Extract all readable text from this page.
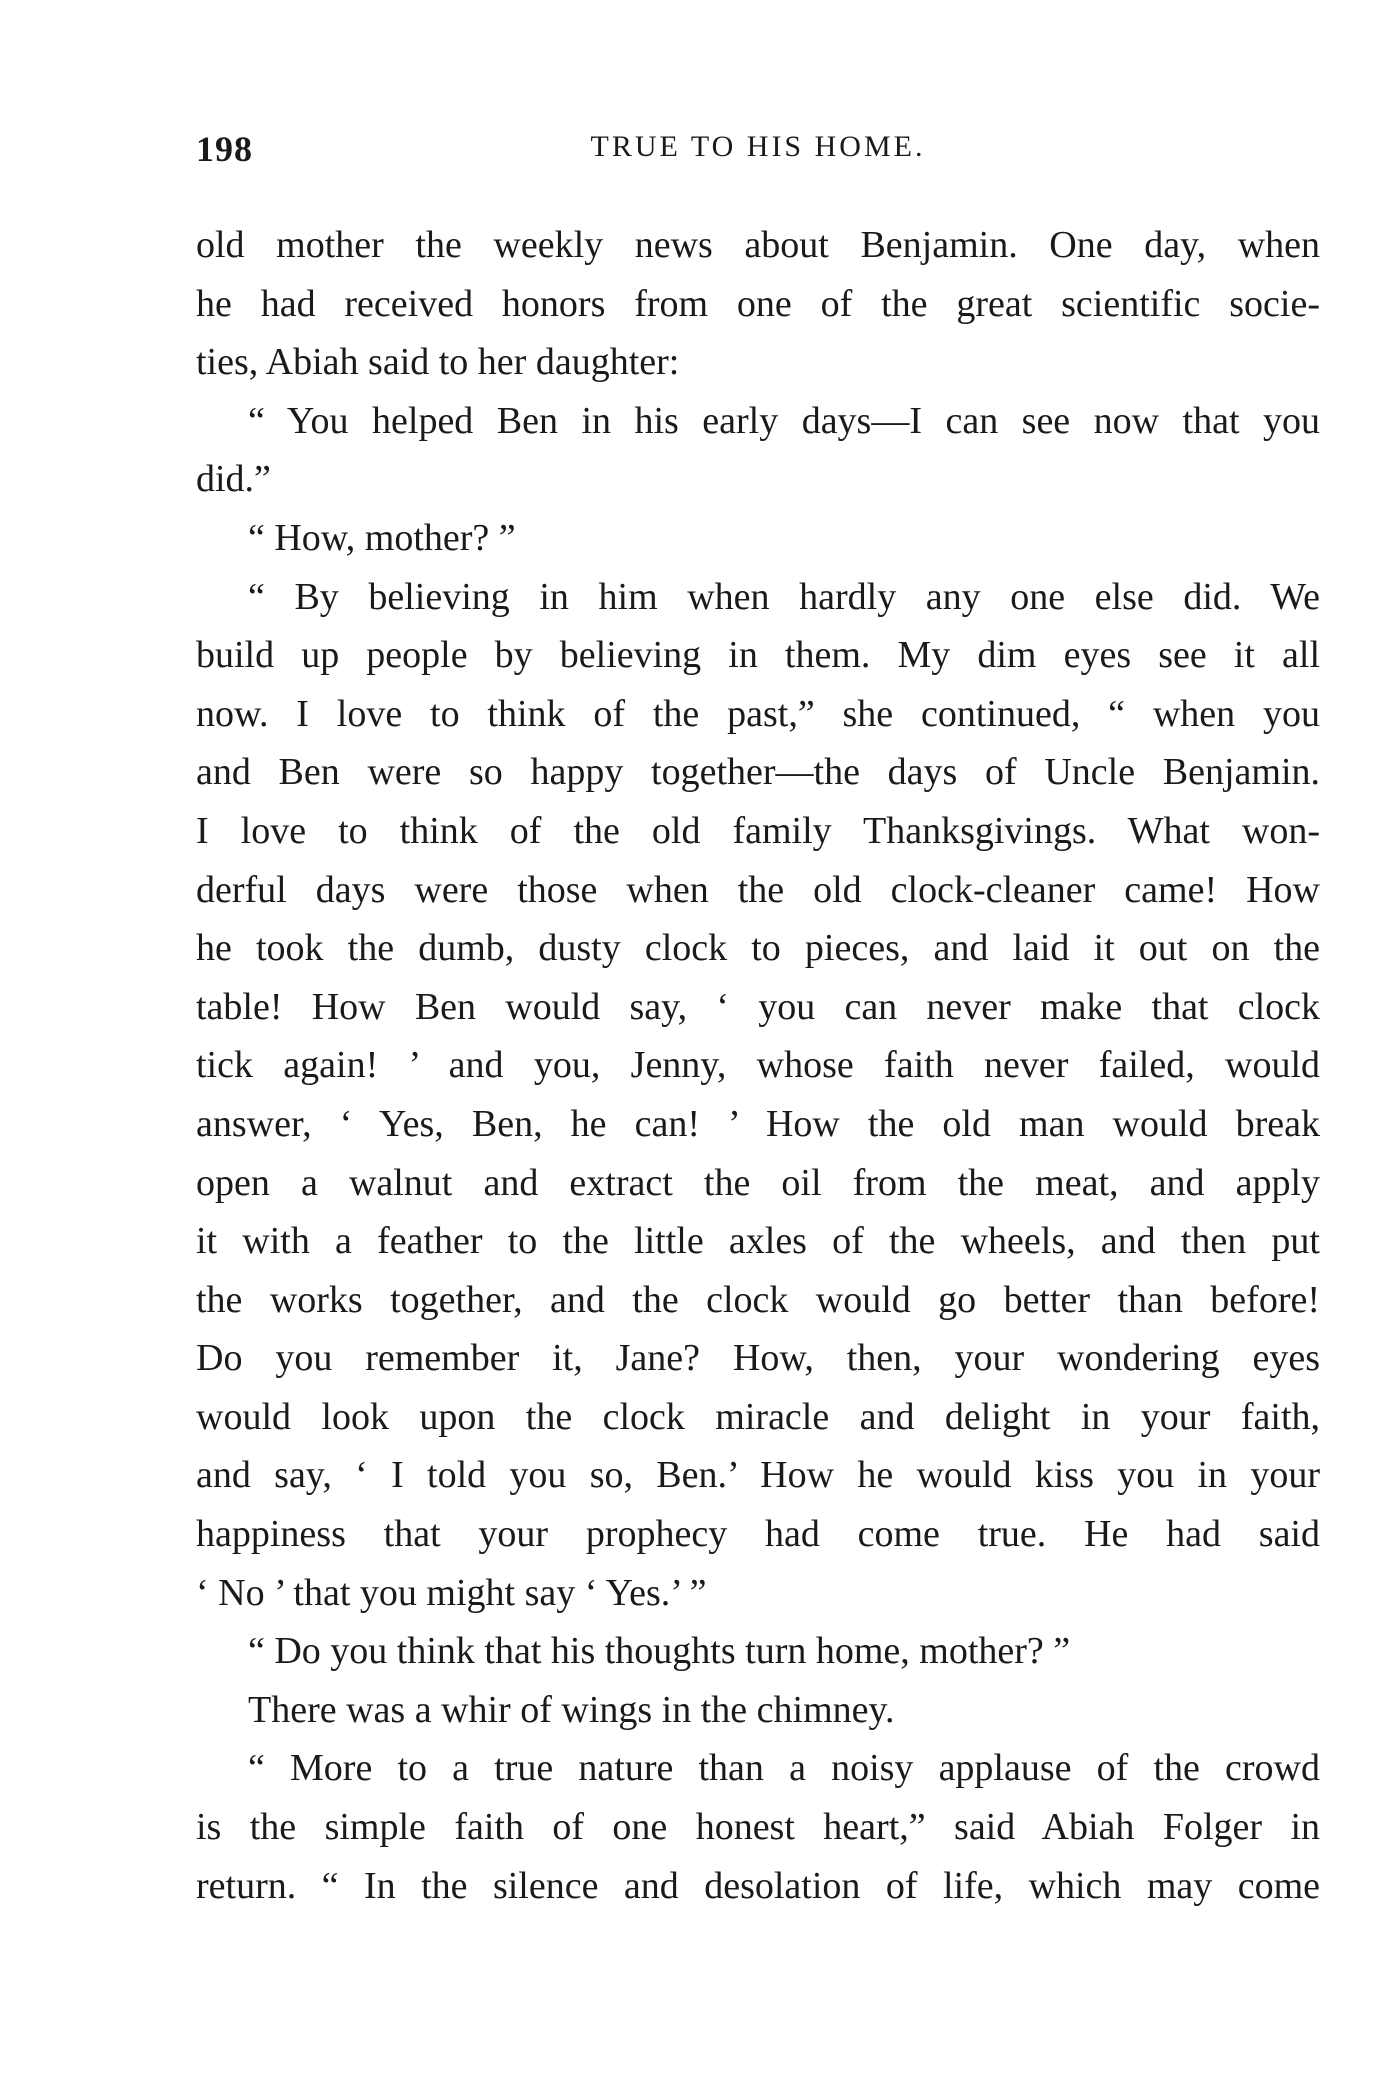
198	TRUE TO HIS HOME.
old mother the weekly news about Benjamin. One day, when
he had received honors from one of the great scientific socie-
ties, Abiah said to her daughter:
“ You helped Ben in his early days—I can see now that you
did.”
“ How, mother? ”
“ By believing in him when hardly any one else did. We
build up people by believing in them. My dim eyes see it all
now. I love to think of the past,” she continued, “ when you
and Ben were so happy together—the days of Uncle Benjamin.
I love to think of the old family Thanksgivings. What won-
derful days were those when the old clock-cleaner came! How
he took the dumb, dusty clock to pieces, and laid it out on the
table! How Ben would say, ‘ you can never make that clock
tick again! ’ and you, Jenny, whose faith never failed, would
answer, ‘ Yes, Ben, he can! ’ How the old man would break
open a walnut and extract the oil from the meat, and apply
it with a feather to the little axles of the wheels, and then put
the works together, and the clock would go better than before!
Do you remember it, Jane? How, then, your wondering eyes
would look upon the clock miracle and delight in your faith,
and say, ‘ I told you so, Ben.’ How he would kiss you in your
happiness that your prophecy had come true. He had said
‘ No ’ that you might say ‘ Yes.’ ”
“ Do you think that his thoughts turn home, mother? ”
There was a whir of wings in the chimney.
“ More to a true nature than a noisy applause of the crowd
is the simple faith of one honest heart,” said Abiah Folger in
return. “ In the silence and desolation of life, which may come
